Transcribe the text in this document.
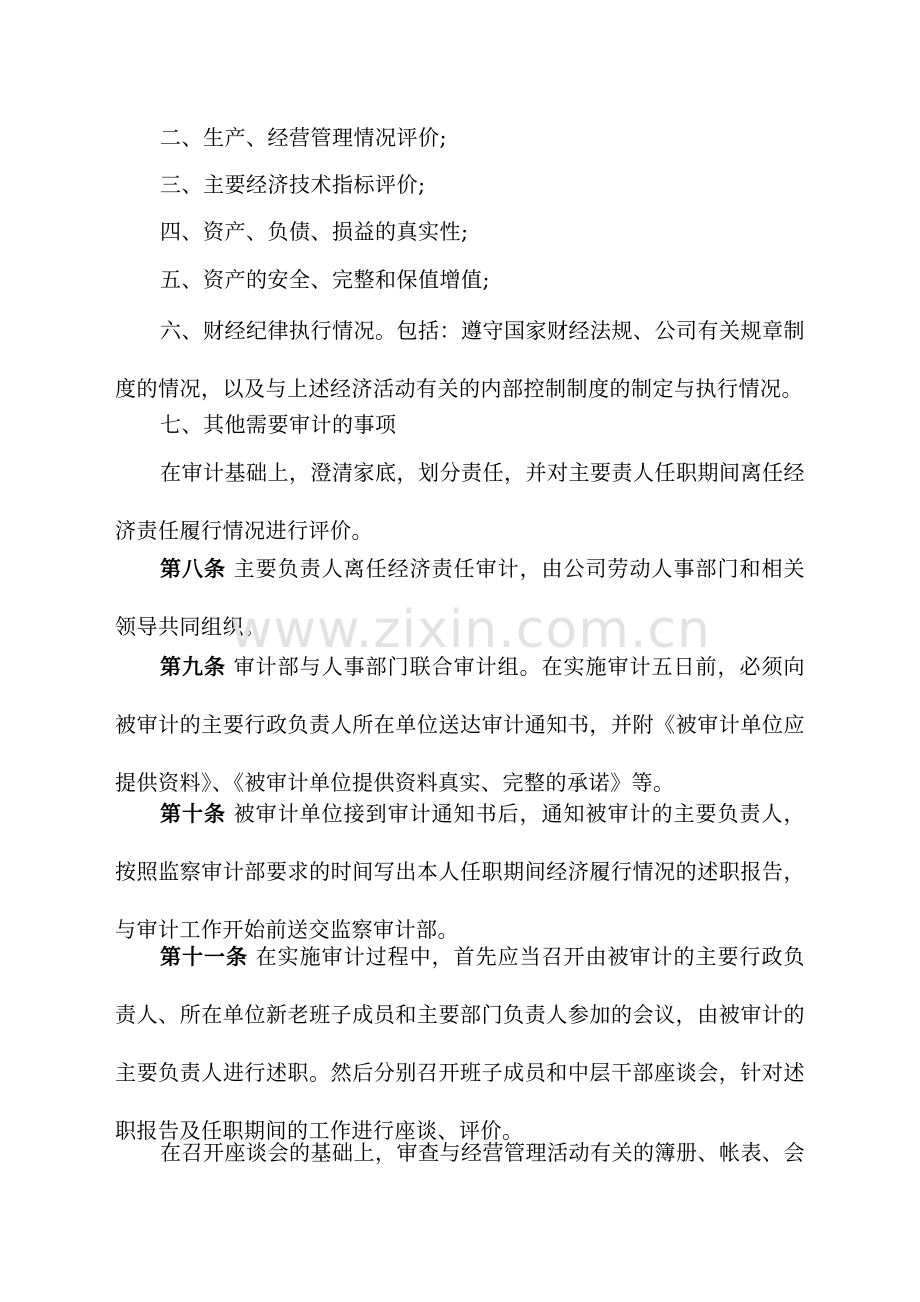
二、生产、经营管理情况评价;

三、主要经济技术指标评价;

四、资产、负债、损益的真实性;

五、资产的安全、完整和保值增值;

六、财经纪律执行情况。包括：遵守国家财经法规、公司有关规章制度的情况，以及与上述经济活动有关的内部控制制度的制定与执行情况。

七、其他需要审计的事项

在审计基础上，澄清家底，划分责任，并对主要责人任职期间离任经济责任履行情况进行评价。

第八条 主要负责人离任经济责任审计，由公司劳动人事部门和相关领导共同组织。

第九条 审计部与人事部门联合审计组。在实施审计五日前，必须向被审计的主要行政负责人所在单位送达审计通知书，并附《被审计单位应提供资料》、《被审计单位提供资料真实、完整的承诺》等。

第十条 被审计单位接到审计通知书后，通知被审计的主要负责人，按照监察审计部要求的时间写出本人任职期间经济履行情况的述职报告，与审计工作开始前送交监察审计部。

第十一条 在实施审计过程中，首先应当召开由被审计的主要行政负责人、所在单位新老班子成员和主要部门负责人参加的会议，由被审计的主要负责人进行述职。然后分别召开班子成员和中层干部座谈会，针对述职报告及任职期间的工作进行座谈、评价。

在召开座谈会的基础上，审查与经营管理活动有关的簿册、帐表、会

www.zixin.com.cn
